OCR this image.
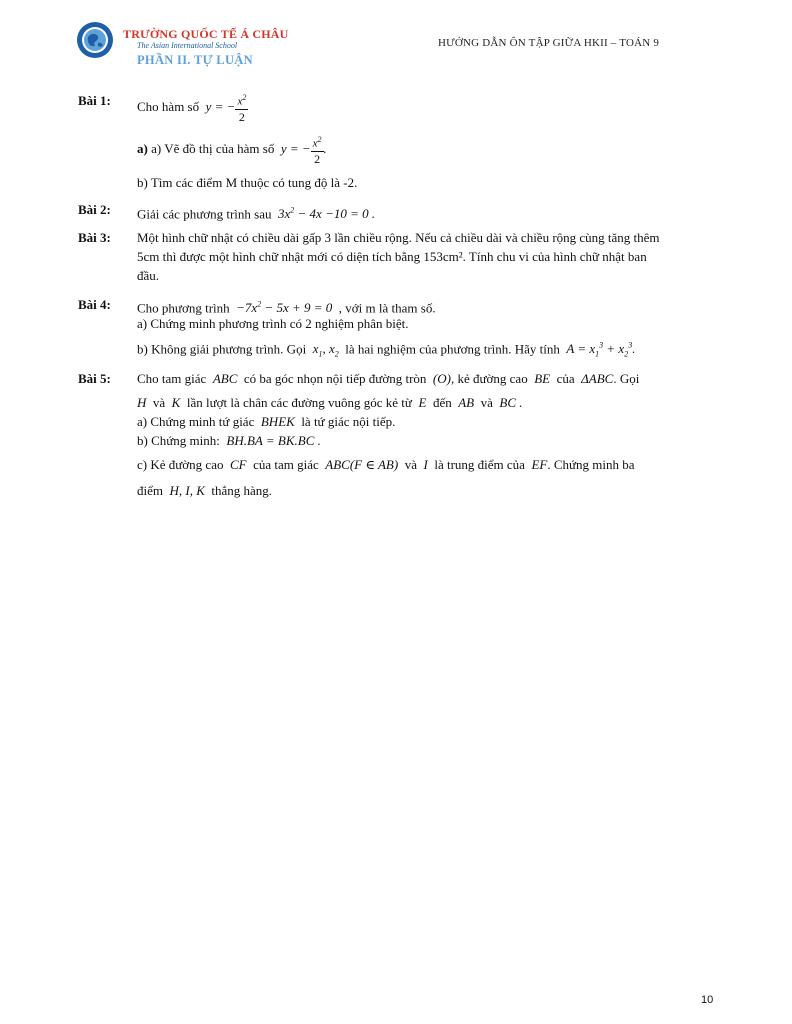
TRƯỜNG QUỐC TẾ Á CHÂU
The Asian International School
PHẦN II. TỰ LUẬN
HƯỚNG DẪN ÔN TẬP GIỮA HKII – TOÁN 9
Bài 1: Cho hàm số  y = − $\frac{x^2}{2}$
a) a) Vẽ đồ thị của hàm số  y = − $\frac{x^2}{2}$ .
b) Tìm các điểm M thuộc có tung độ là -2.
Bài 2: Giải các phương trình sau  $3x^2 - 4x -10 = 0$ .
Bài 3: Một hình chữ nhật có chiều dài gấp 3 lần chiều rộng. Nếu cả chiều dài và chiều rộng cùng tăng thêm
5cm thì được một hình chữ nhật mới có diện tích bằng 153cm². Tính chu vi của hình chữ nhật ban
đầu.
Bài 4: Cho phương trình  $-7x^2 - 5x + 9 = 0$  , với m là tham số.
a) Chứng minh phương trình có 2 nghiệm phân biệt.
b) Không giải phương trình. Gọi  $x_1$, $x_2$ là hai nghiệm của phương trình. Hãy tính  $A = x_1^3 + x_2^3$.
Bài 5: Cho tam giác  ABC  có ba góc nhọn nội tiếp đường tròn  (O), kẻ đường cao  BE  của  ΔABC. Gọi
H  và  K  lần lượt là chân các đường vuông góc kẻ từ  E  đến  AB  và  BC .
a) Chứng minh tứ giác  BHEK  là tứ giác nội tiếp.
b) Chứng minh:  BH.BA = BK.BC .
c) Kẻ đường cao  CF  của tam giác  ABC(F ∈ AB)  và  I  là trung điểm của  EF. Chứng minh ba
điểm  H, I, K  thẳng hàng.
10
